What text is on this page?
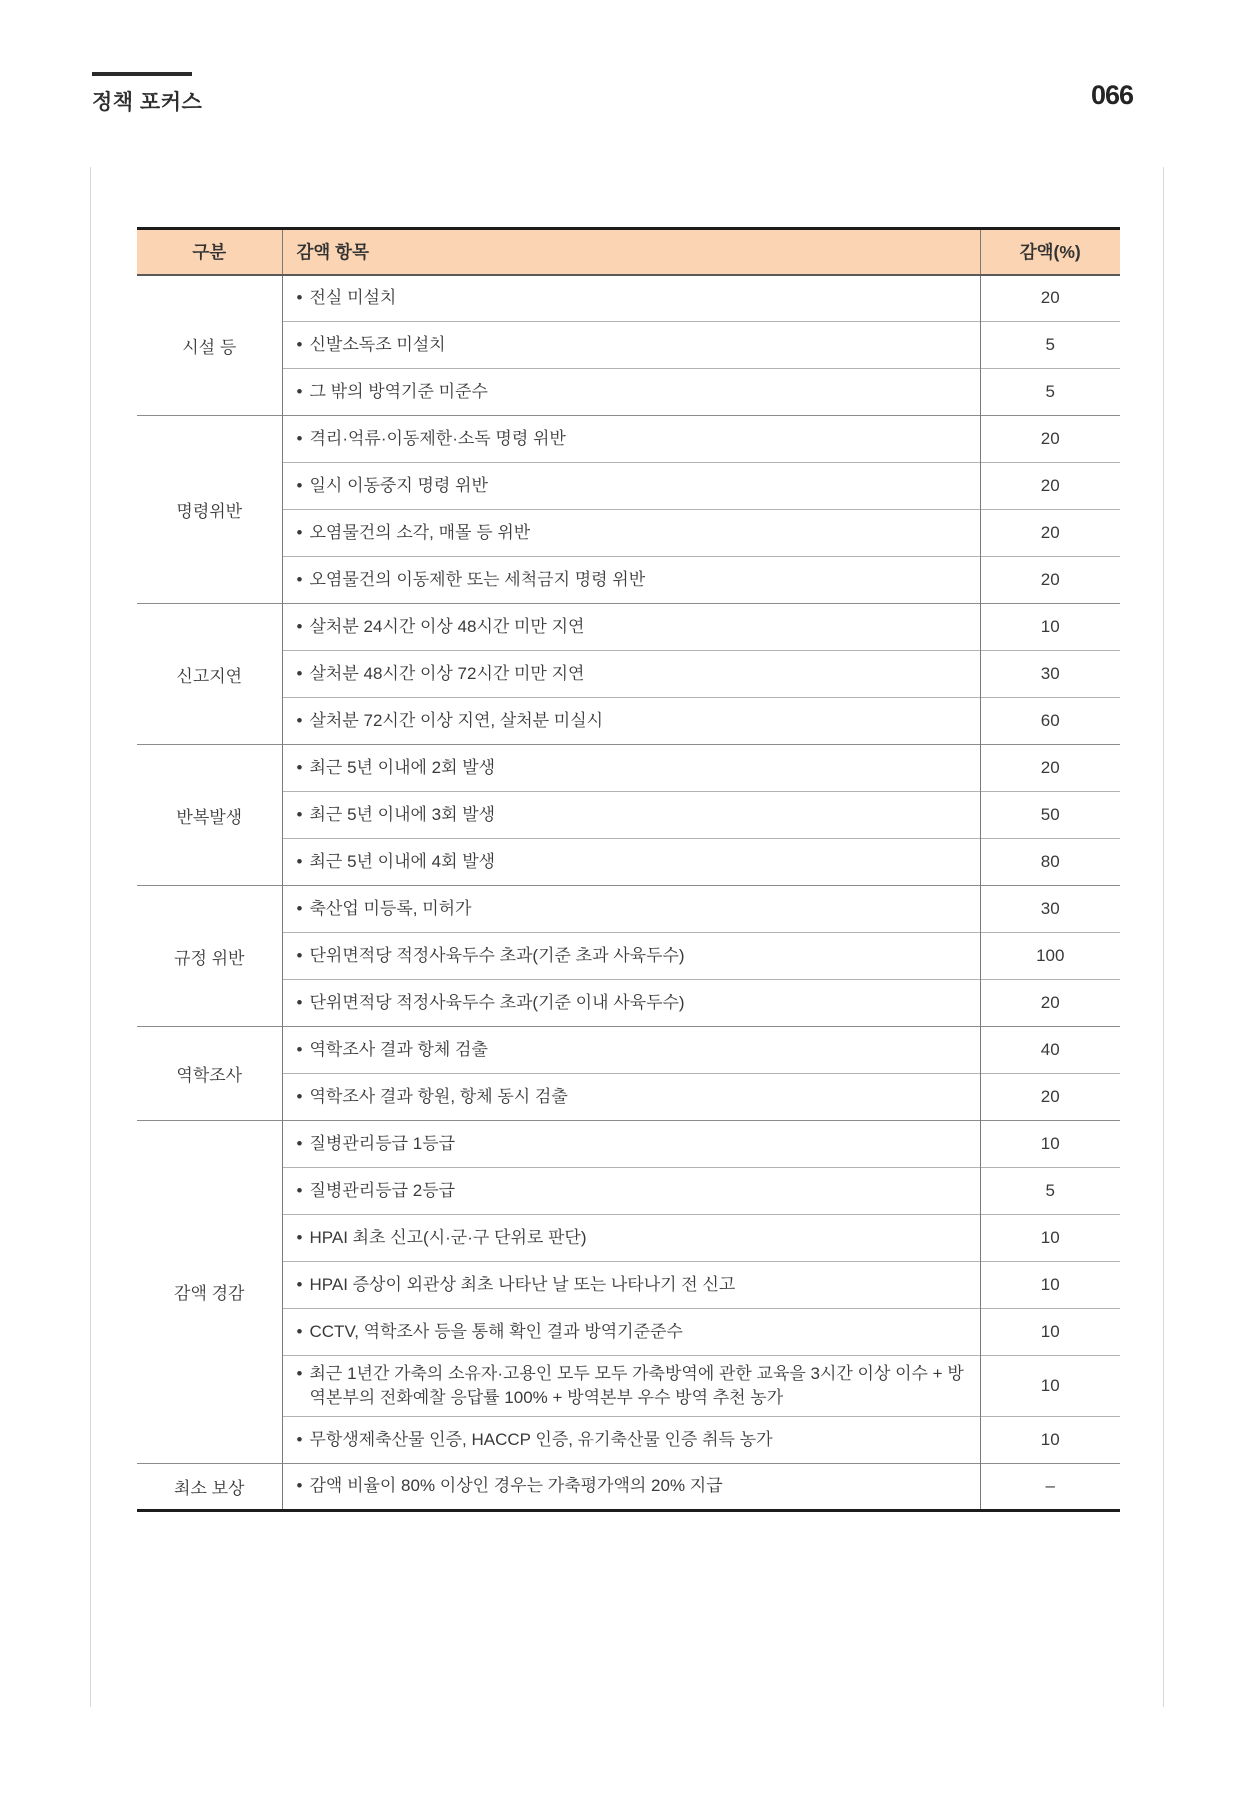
정책 포커스	066
구분	감액 항목	감액(%)
시설 등	• 전실 미설치	20

	• 신발소독조 미설치	5

	• 그 밖의 방역기준 미준수	5
명령위반	• 격리·억류·이동제한·소독 명령 위반	20

	• 일시 이동중지 명령 위반	20

	• 오염물건의 소각, 매몰 등 위반	20

	• 오염물건의 이동제한 또는 세척금지 명령 위반	20
신고지연	• 살처분 24시간 이상 48시간 미만 지연	10

	• 살처분 48시간 이상 72시간 미만 지연	30

	• 살처분 72시간 이상 지연, 살처분 미실시	60
반복발생	• 최근 5년 이내에 2회 발생	20

	• 최근 5년 이내에 3회 발생	50

	• 최근 5년 이내에 4회 발생	80
규정 위반	• 축산업 미등록, 미허가	30

	• 단위면적당 적정사육두수 초과(기준 초과 사육두수)	100

	• 단위면적당 적정사육두수 초과(기준 이내 사육두수)	20
역학조사	• 역학조사 결과 항체 검출	40

	• 역학조사 결과 항원, 항체 동시 검출	20
감액 경감	• 질병관리등급 1등급	10

	• 질병관리등급 2등급	5

	• HPAI 최초 신고(시·군·구 단위로 판단)	10

	• HPAI 증상이 외관상 최초 나타난 날 또는 나타나기 전 신고	10

	• CCTV, 역학조사 등을 통해 확인 결과 방역기준준수	10

	• 최근 1년간 가축의 소유자·고용인 모두 모두 가축방역에 관한 교육을 3시간 이상 이수 + 방역본부의 전화예찰 응답률 100% + 방역본부 우수 방역 추천 농가	10

	• 무항생제축산물 인증, HACCP 인증, 유기축산물 인증 취득 농가	10
최소 보상	• 감액 비율이 80% 이상인 경우는 가축평가액의 20% 지급	–
